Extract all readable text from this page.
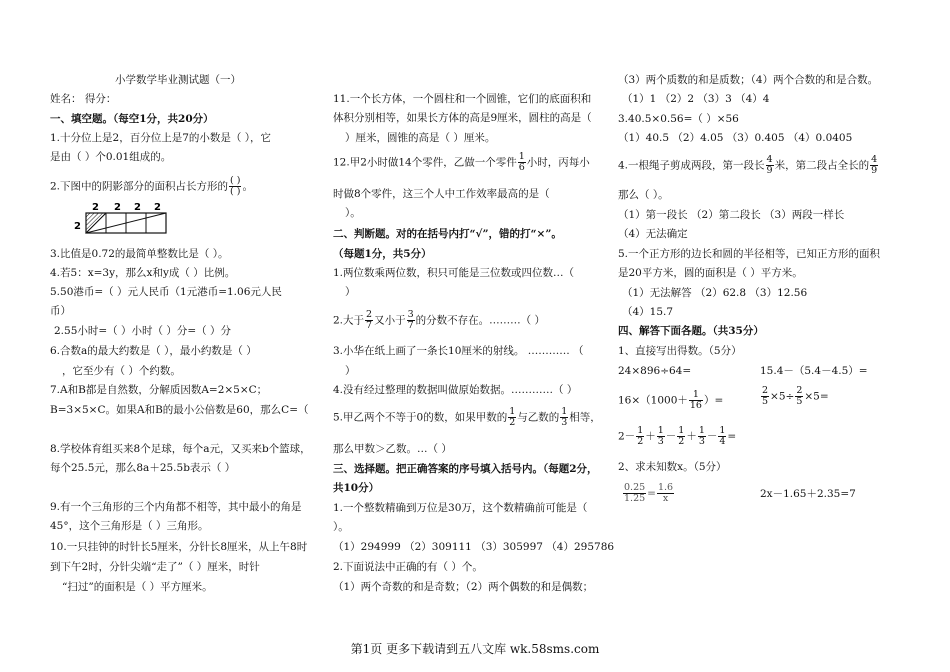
小学数学毕业测试题（一）
姓名： 得分：
一、填空题。（每空1分，共20分）
1.十分位上是2，百分位上是7的小数是（ ），它
是由（ ）个0.01组成的。
2.下图中的阴影部分的面积占长方形的 ( )
( ) 。
2
2 2 2 2
3.比值是0.72的最简单整数比是（ ）。
4.若5：x=3y，那么x和y成（ ）比例。
5.50港币=（ ）元人民币（1元港币=1.06元人民
币）
2.55小时=（ ）小时（ ）分=（ ）分
6.合数a的最大约数是（ ），最小约数是（ ）
，它至少有（ ）个约数。
7.A和B都是自然数，分解质因数A=2×5×C；
B=3×5×C。如果A和B的最小公倍数是60，那么C=（
8.学校体育组买来8个足球，每个a元，又买来b个篮球，
每个25.5元，那么8a＋25.5b表示（ ）
9.有一个三角形的三个内角都不相等，其中最小的角是
45°，这个三角形是（ ）三角形。
10.一只挂钟的时针长5厘米，分针长8厘米，从上午8时
到下午2时，分针尖端“走了”（ ）厘米，时针
“扫过”的面积是（ ）平方厘米。
11.一个长方体，一个圆柱和一个圆锥，它们的底面积和
体积分别相等，如果长方体的高是9厘米，圆柱的高是（
）厘米，圆锥的高是（ ）厘米。
12.甲2小时做14个零件，乙做一个零件 $\frac{1}{6}$ 小时，丙每小
时做8个零件，这三个人中工作效率最高的是（
）。
二、判断题。对的在括号内打“√”，错的打“×”。
（每题1分，共5分）
1.两位数乘两位数，积只可能是三位数或四位数…（
）
2.大于 $\frac{2}{7}$ 又小于 $\frac{3}{7}$ 的分数不存在。………（ ）
3.小华在纸上画了一条长10厘米的射线。 ………… （
）
4.没有经过整理的数据叫做原始数据。…………（ ）
5.甲乙两个不等于0的数，如果甲数的 $\frac{1}{2}$ 与乙数的 $\frac{1}{3}$ 相等，
那么甲数＞乙数。…（ ）
三、选择题。把正确答案的序号填入括号内。（每题2分，
共10分）
1.一个整数精确到万位是30万，这个数精确前可能是（
）。
（1）294999 （2）309111 （3）305997 （4）295786
2.下面说法中正确的有（ ）个。
（1）两个奇数的和是奇数；（2）两个偶数的和是偶数；
（3）两个质数的和是质数；（4）两个合数的和是合数。
（1）1 （2）2 （3）3 （4）4
3.40.5×0.56=（ ）×56
（1）40.5 （2）4.05 （3）0.405 （4）0.0405
4.一根绳子剪成两段，第一段长 $\frac{4}{9}$ 米，第二段占全长的 $\frac{4}{9}$
那么（ ）。
（1）第一段长 （2）第二段长 （3）两段一样长
（4）无法确定
5.一个正方形的边长和圆的半径相等，已知正方形的面积
是20平方米，圆的面积是（ ）平方米。
（1）无法解答 （2）62.8 （3）12.56
（4）15.7
四、解答下面各题。（共35分）
1、直接写出得数。（5分）
24×896÷64=	15.4－（5.4－4.5）=
$16\times(1000+ \frac{1}{16}$ ）=	$\frac{2}{5} \times 5\div \frac{2}{5} \times 5=$
$2- \frac{1}{2} + \frac{1}{3} - \frac{1}{2} + \frac{1}{3} - \frac{1}{4}$ =
2、求未知数x。（5分）
$\frac{0.25}{1.25} = \frac{1.6}{x}$	2x－1.65＋2.35=7
第1页 更多下载请到五八文库 wk.58sms.com
